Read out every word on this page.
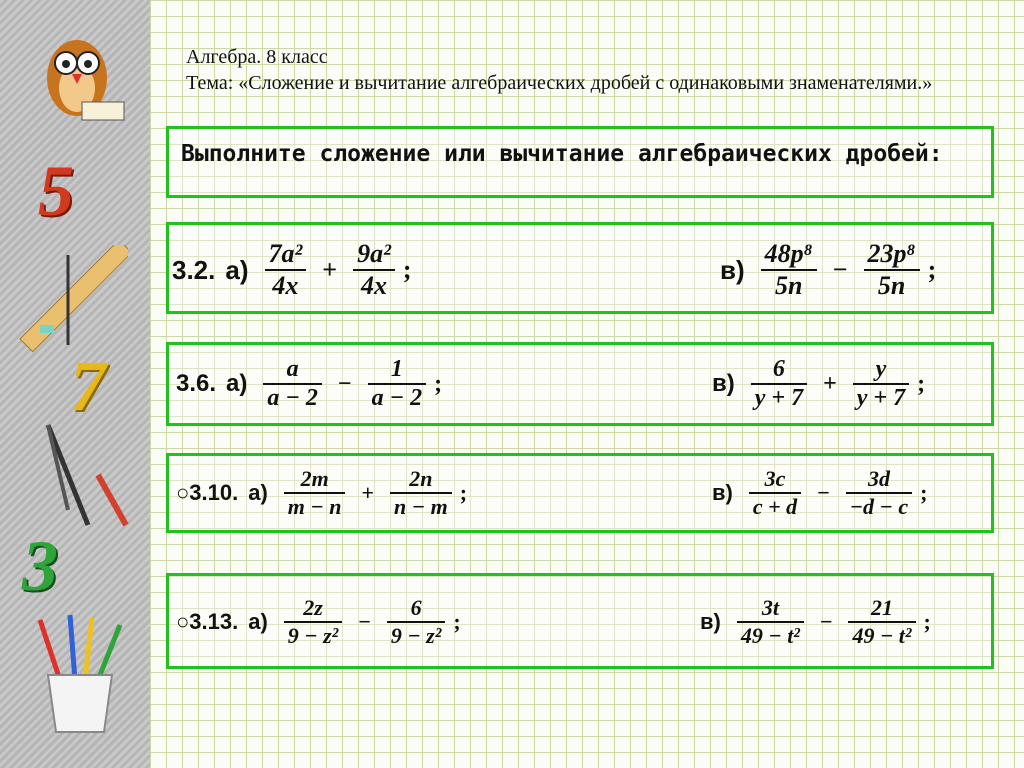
5
7
3
Алгебра. 8 класс
Тема: «Сложение и вычитание алгебраических дробей с одинаковыми знаменателями.»
Выполните сложение или вычитание алгебраических дробей:
3.2. $а) \frac{\text{7a²}}{4x} + \frac{\text{9a²}}{4x}$ ;	$в) \frac{\text{48p⁸}}{5n} - \frac{\text{23p⁸}}{5n}$ ;
3.6. $а) \frac{a}{a - 2} - \frac{1}{a - 2}$ ;	$в) \frac{6}{y + 7} + \frac{y}{y + 7}$ ;
○3.10. $а) \frac{2m}{m - n} + \frac{2n}{n - m}$ ;	$в) \frac{3c}{c + d} - \frac{3d}{-d - c}$ ;
○3.13. $а) \frac{2z}{\text{9 − z²}} - \frac{6}{\text{9 − z²}}$ ;	$в) \frac{3t}{\text{49 − t²}} - \frac{21}{\text{49 − t²}}$ ;
